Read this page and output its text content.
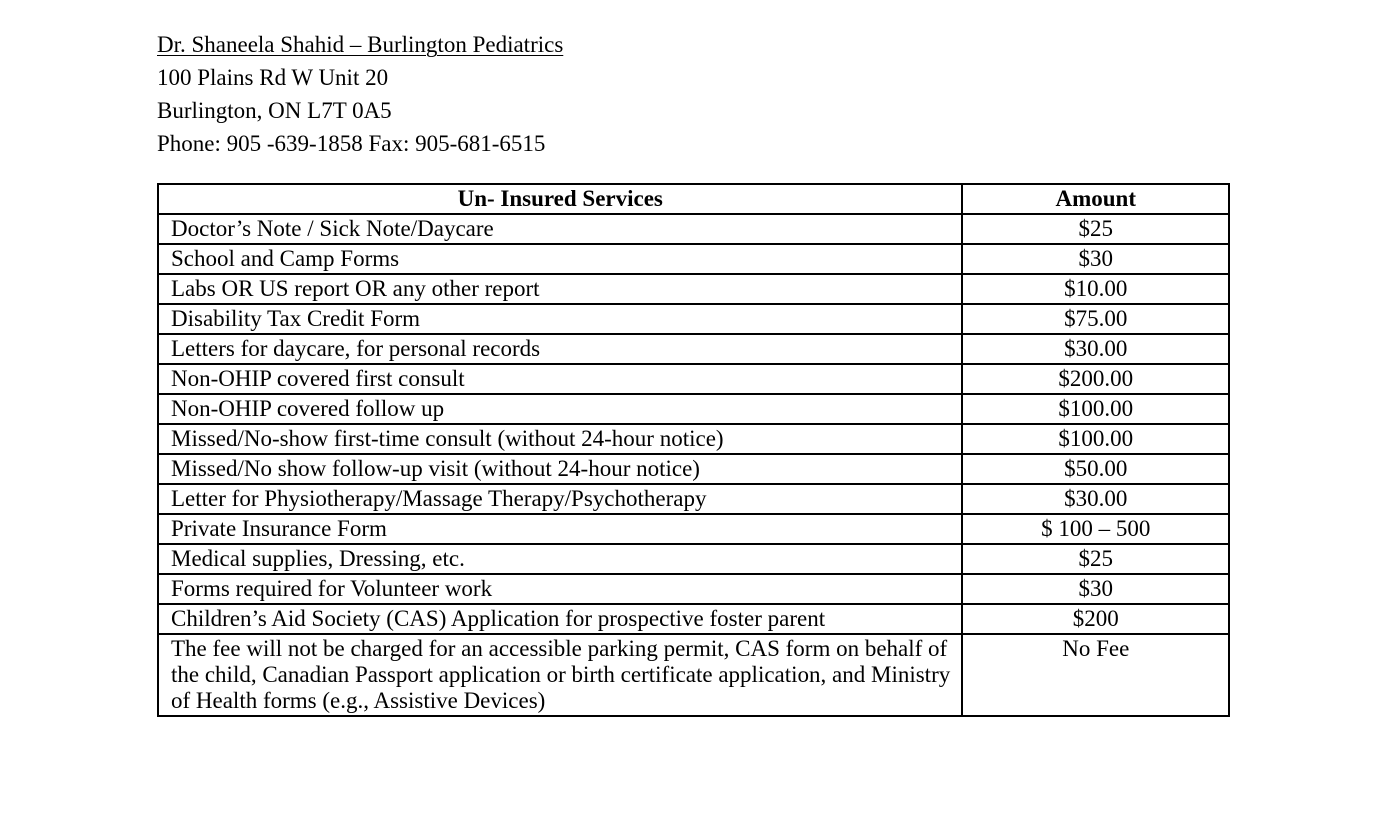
Dr. Shaneela Shahid – Burlington Pediatrics
100 Plains Rd W Unit 20
Burlington, ON L7T 0A5
Phone: 905 -639-1858 Fax: 905-681-6515
Un- Insured Services	Amount
Doctor’s Note / Sick Note/Daycare	$25
School and Camp Forms	$30
Labs OR US report OR any other report	$10.00
Disability Tax Credit Form	$75.00
Letters for daycare, for personal records	$30.00
Non-OHIP covered first consult	$200.00
Non-OHIP covered follow up	$100.00
Missed/No-show first-time consult (without 24-hour notice)	$100.00
Missed/No show follow-up visit (without 24-hour notice)	$50.00
Letter for Physiotherapy/Massage Therapy/Psychotherapy	$30.00
Private Insurance Form	$ 100 – 500
Medical supplies, Dressing, etc.	$25
Forms required for Volunteer work	$30
Children’s Aid Society (CAS) Application for prospective foster parent	$200
The fee will not be charged for an accessible parking permit, CAS form on behalf of the child, Canadian Passport application or birth certificate application, and Ministry of Health forms (e.g., Assistive Devices)	No Fee
